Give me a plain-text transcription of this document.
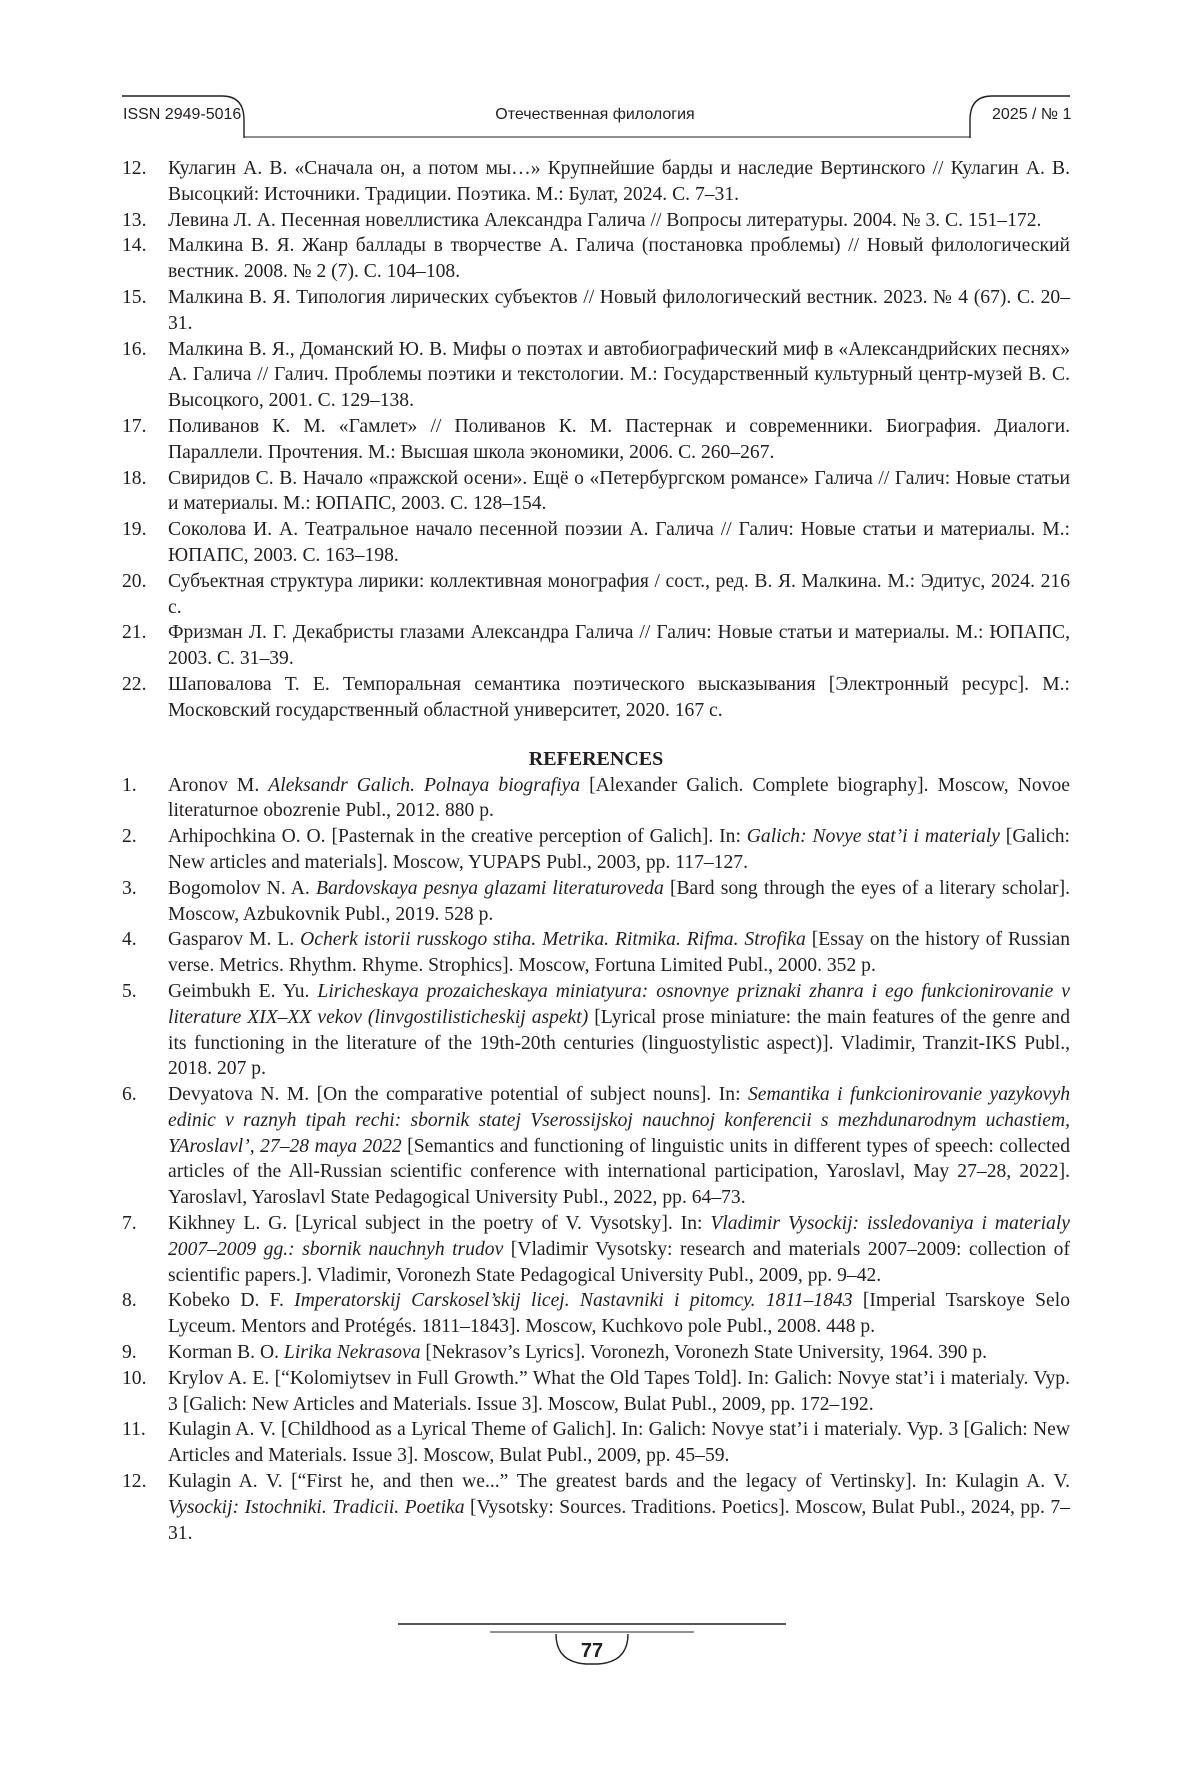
ISSN 2949-5016	Отечественная филология	2025 / № 1
12.	Кулагин А. В. «Сначала он, а потом мы…» Крупнейшие барды и наследие Вертинского // Кулагин А. В. Высоцкий: Источники. Традиции. Поэтика. М.: Булат, 2024. С. 7–31.
13.	Левина Л. А. Песенная новеллистика Александра Галича // Вопросы литературы. 2004. № 3. С. 151–172.
14.	Малкина В. Я. Жанр баллады в творчестве А. Галича (постановка проблемы) // Новый филологический вестник. 2008. № 2 (7). С. 104–108.
15.	Малкина В. Я. Типология лирических субъектов // Новый филологический вестник. 2023. № 4 (67). С. 20–31.
16.	Малкина В. Я., Доманский Ю. В. Мифы о поэтах и автобиографический миф в «Александрийских песнях» А. Галича // Галич. Проблемы поэтики и текстологии. М.: Государственный культурный центр-музей В. С. Высоцкого, 2001. С. 129–138.
17.	Поливанов К. М. «Гамлет» // Поливанов К. М. Пастернак и современники. Биография. Диалоги. Параллели. Прочтения. М.: Высшая школа экономики, 2006. С. 260–267.
18.	Свиридов С. В. Начало «пражской осени». Ещё о «Петербургском романсе» Галича // Галич: Новые статьи и материалы. М.: ЮПАПС, 2003. С. 128–154.
19.	Соколова И. А. Театральное начало песенной поэзии А. Галича // Галич: Новые статьи и материалы. М.: ЮПАПС, 2003. С. 163–198.
20.	Субъектная структура лирики: коллективная монография / сост., ред. В. Я. Малкина. М.: Эдитус, 2024. 216 с.
21.	Фризман Л. Г. Декабристы глазами Александра Галича // Галич: Новые статьи и материалы. М.: ЮПАПС, 2003. С. 31–39.
22.	Шаповалова Т. Е. Темпоральная семантика поэтического высказывания [Электронный ресурс]. М.: Московский государственный областной университет, 2020. 167 с.
REFERENCES
1.	Aronov M. Aleksandr Galich. Polnaya biografiya [Alexander Galich. Complete biography]. Moscow, Novoe literaturnoe obozrenie Publ., 2012. 880 p.
2.	Arhipochkina O. O. [Pasternak in the creative perception of Galich]. In: Galich: Novye stat’i i materialy [Galich: New articles and materials]. Moscow, YUPAPS Publ., 2003, pp. 117–127.
3.	Bogomolov N. A. Bardovskaya pesnya glazami literaturoveda [Bard song through the eyes of a literary scholar]. Moscow, Azbukovnik Publ., 2019. 528 p.
4.	Gasparov M. L. Ocherk istorii russkogo stiha. Metrika. Ritmika. Rifma. Strofika [Essay on the history of Russian verse. Metrics. Rhythm. Rhyme. Strophics]. Moscow, Fortuna Limited Publ., 2000. 352 p.
5.	Geimbukh E. Yu. Liricheskaya prozaicheskaya miniatyura: osnovnye priznaki zhanra i ego funkcionirovanie v literature XIX–XX vekov (linvgostilisticheskij aspekt) [Lyrical prose miniature: the main features of the genre and its functioning in the literature of the 19th-20th centuries (linguostylistic aspect)]. Vladimir, Tranzit-IKS Publ., 2018. 207 p.
6.	Devyatova N. M. [On the comparative potential of subject nouns]. In: Semantika i funkcionirovanie yazykovyh edinic v raznyh tipah rechi: sbornik statej Vserossijskoj nauchnoj konferencii s mezhdunarodnym uchastiem, YAroslavl’, 27–28 maya 2022 [Semantics and functioning of linguistic units in different types of speech: collected articles of the All-Russian scientific conference with international participation, Yaroslavl, May 27–28, 2022]. Yaroslavl, Yaroslavl State Pedagogical University Publ., 2022, pp. 64–73.
7.	Kikhney L. G. [Lyrical subject in the poetry of V. Vysotsky]. In: Vladimir Vysockij: issledovaniya i materialy 2007–2009 gg.: sbornik nauchnyh trudov [Vladimir Vysotsky: research and materials 2007–2009: collection of scientific papers.]. Vladimir, Voronezh State Pedagogical University Publ., 2009, pp. 9–42.
8.	Kobeko D. F. Imperatorskij Carskosel’skij licej. Nastavniki i pitomcy. 1811–1843 [Imperial Tsarskoye Selo Lyceum. Mentors and Protégés. 1811–1843]. Moscow, Kuchkovo pole Publ., 2008. 448 p.
9.	Korman B. O. Lirika Nekrasova [Nekrasov’s Lyrics]. Voronezh, Voronezh State University, 1964. 390 p.
10.	Krylov A. E. [“Kolomiytsev in Full Growth.” What the Old Tapes Told]. In: Galich: Novye stat’i i materialy. Vyp. 3 [Galich: New Articles and Materials. Issue 3]. Moscow, Bulat Publ., 2009, pp. 172–192.
11.	Kulagin A. V. [Childhood as a Lyrical Theme of Galich]. In: Galich: Novye stat’i i materialy. Vyp. 3 [Galich: New Articles and Materials. Issue 3]. Moscow, Bulat Publ., 2009, pp. 45–59.
12.	Kulagin A. V. [“First he, and then we...” The greatest bards and the legacy of Vertinsky]. In: Kulagin A. V. Vysockij: Istochniki. Tradicii. Poetika [Vysotsky: Sources. Traditions. Poetics]. Moscow, Bulat Publ., 2024, pp. 7–31.
77
